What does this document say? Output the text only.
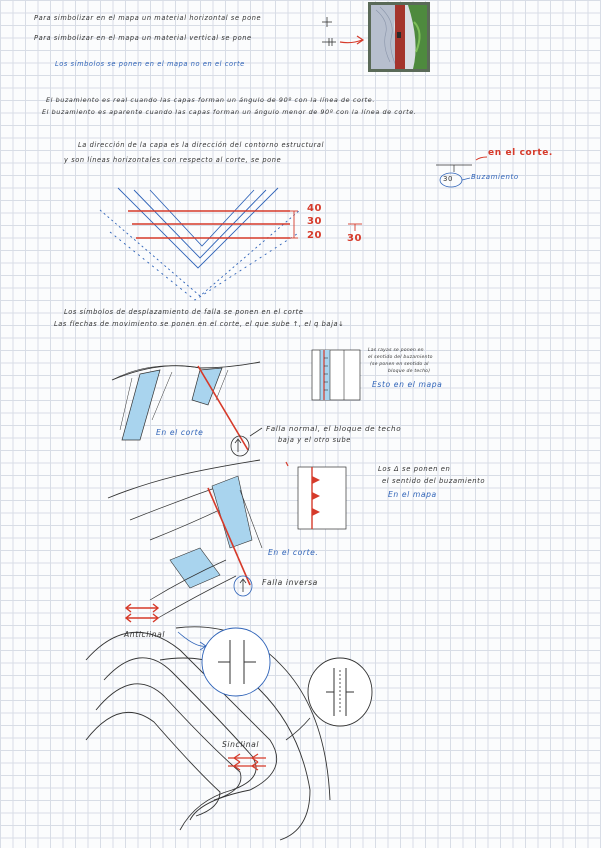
Para simbolizar en el mapa un material horizontal se pone
Para simbolizar en el mapa un material vertical se pone
Los símbolos se ponen en el mapa no en el corte
El buzamiento es real cuando las capas forman un ángulo de 90º con la línea de corte.
El buzamiento es aparente cuando las capas forman un ángulo menor de 90º con la línea de corte.
La dirección de la capa es la dirección del contorno estructural
y son líneas horizontales con respecto al corte, se pone
en el corte.
30	Buzamiento
40
30
20 30
Los símbolos de desplazamiento de falla se ponen en el corte
Las flechas de movimiento se ponen en el corte, el que sube ↑, el q baja↓
Las rayas se ponen en
el sentido del buzamiento
(se ponen en sentido al
bloque de techo)
Esto en el mapa
En el corte	Falla normal, el bloque de techo
baja y el otro sube
Los Δ se ponen en
el sentido del buzamiento
En el mapa
En el corte.
Falla inversa
Anticlinal
Sinclinal
